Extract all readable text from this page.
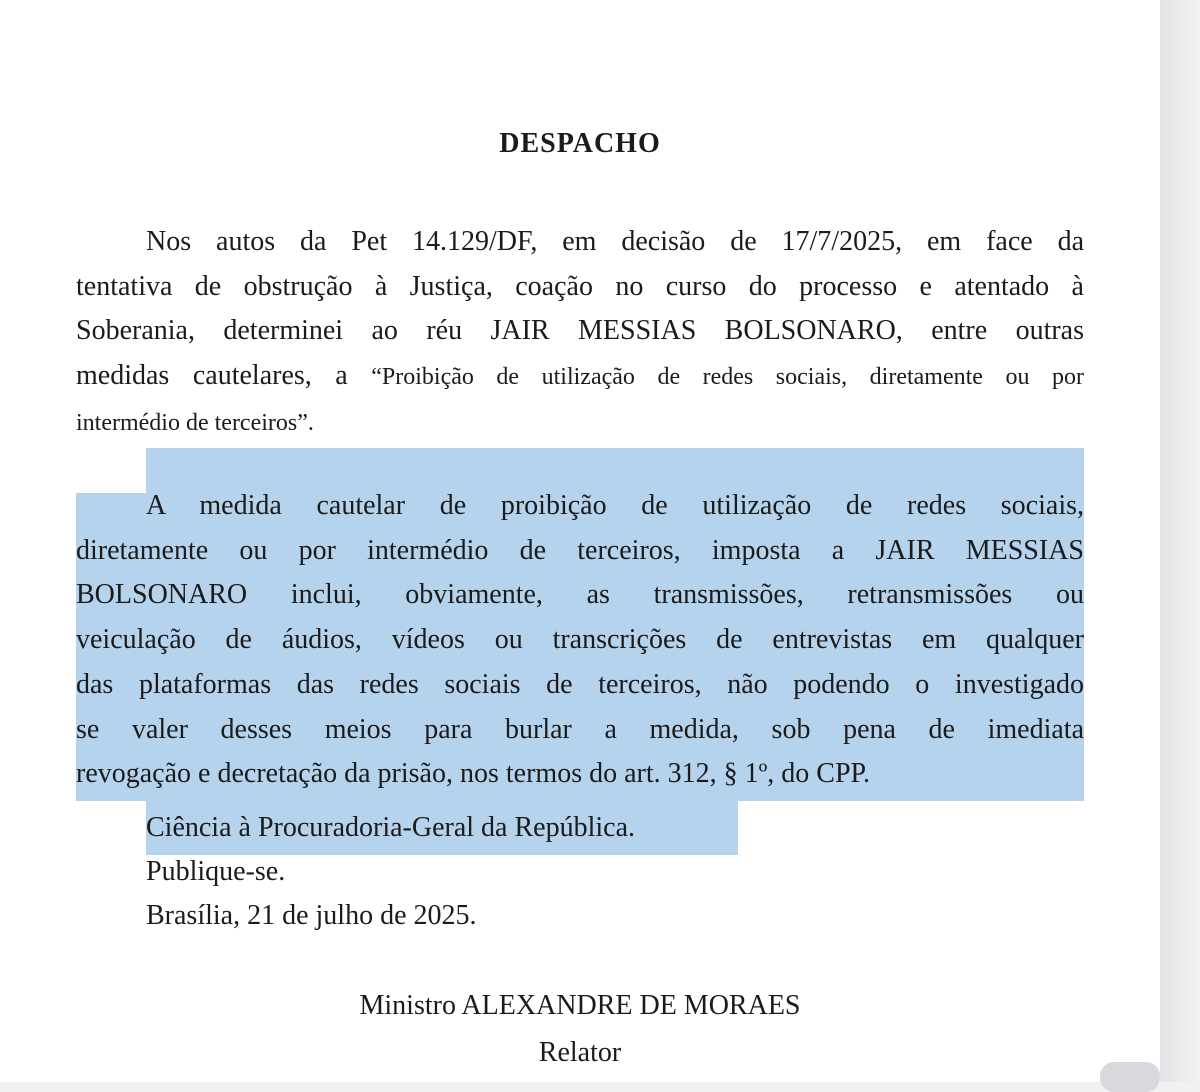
DESPACHO
Nos autos da Pet 14.129/DF, em decisão de 17/7/2025, em face da
tentativa de obstrução à Justiça, coação no curso do processo e atentado à
Soberania, determinei ao réu JAIR MESSIAS BOLSONARO, entre outras
medidas cautelares, a “Proibição de utilização de redes sociais, diretamente ou por
intermédio de terceiros”.
A medida cautelar de proibição de utilização de redes sociais,
diretamente ou por intermédio de terceiros, imposta a JAIR MESSIAS
BOLSONARO inclui, obviamente, as transmissões, retransmissões ou
veiculação de áudios, vídeos ou transcrições de entrevistas em qualquer
das plataformas das redes sociais de terceiros, não podendo o investigado
se valer desses meios para burlar a medida, sob pena de imediata
revogação e decretação da prisão, nos termos do art. 312, § 1º, do CPP.
Ciência à Procuradoria-Geral da República.
Publique-se.
Brasília, 21 de julho de 2025.
Ministro ALEXANDRE DE MORAES
Relator
